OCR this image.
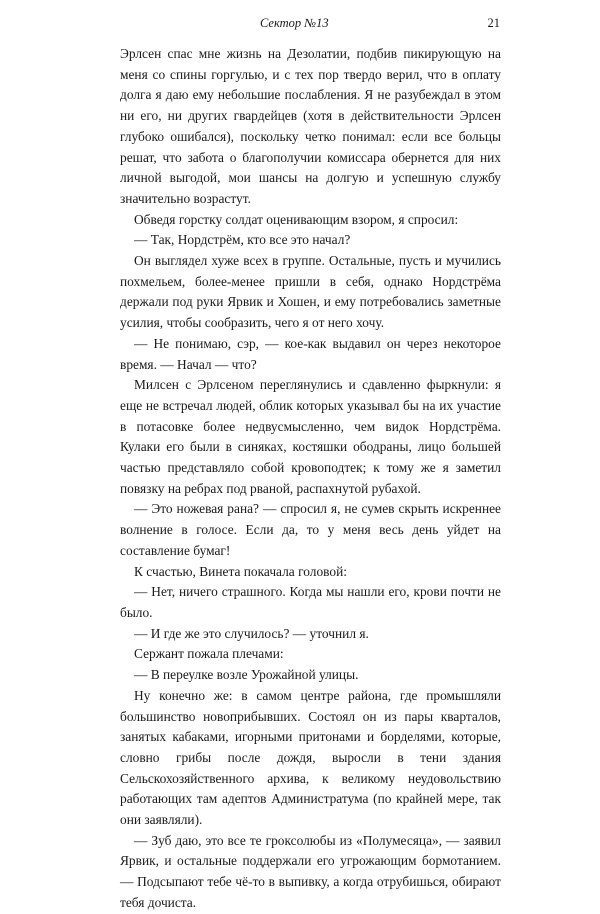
Сектор №13	21

Эрлсен спас мне жизнь на Дезолатии, подбив пикирующую на меня со спины горгулью, и с тех пор твердо верил, что в оплату долга я даю ему небольшие послабления. Я не разубеждал в этом ни его, ни других гвардейцев (хотя в действительности Эрлсен глубоко ошибался), поскольку четко понимал: если все больцы решат, что забота о благополучии комиссара обернется для них личной выгодой, мои шансы на долгую и успешную службу значительно возрастут.

Обведя горстку солдат оценивающим взором, я спросил:

— Так, Нордстрём, кто все это начал?

Он выглядел хуже всех в группе. Остальные, пусть и мучились похмельем, более-менее пришли в себя, однако Нордстрёма держали под руки Ярвик и Хошен, и ему потребовались заметные усилия, чтобы сообразить, чего я от него хочу.

— Не понимаю, сэр, — кое-как выдавил он через некоторое время. — Начал — что?

Милсен с Эрлсеном переглянулись и сдавленно фыркнули: я еще не встречал людей, облик которых указывал бы на их участие в потасовке более недвусмысленно, чем видок Нордстрёма. Кулаки его были в синяках, костяшки ободраны, лицо большей частью представляло собой кровоподтек; к тому же я заметил повязку на ребрах под рваной, распахнутой рубахой.

— Это ножевая рана? — спросил я, не сумев скрыть искреннее волнение в голосе. Если да, то у меня весь день уйдет на составление бумаг!

К счастью, Винета покачала головой:

— Нет, ничего страшного. Когда мы нашли его, крови почти не было.

— И где же это случилось? — уточнил я.

Сержант пожала плечами:

— В переулке возле Урожайной улицы.

Ну конечно же: в самом центре района, где промышляли большинство новоприбывших. Состоял он из пары кварталов, занятых кабаками, игорными притонами и борделями, которые, словно грибы после дождя, выросли в тени здания Сельскохозяйственного архива, к великому неудовольствию работающих там адептов Администратума (по крайней мере, так они заявляли).

— Зуб даю, это все те гроксолюбы из «Полумесяца», — заявил Ярвик, и остальные поддержали его угрожающим бормотанием. — Подсыпают тебе чё-то в выпивку, а когда отрубишься, обирают тебя дочиста.
